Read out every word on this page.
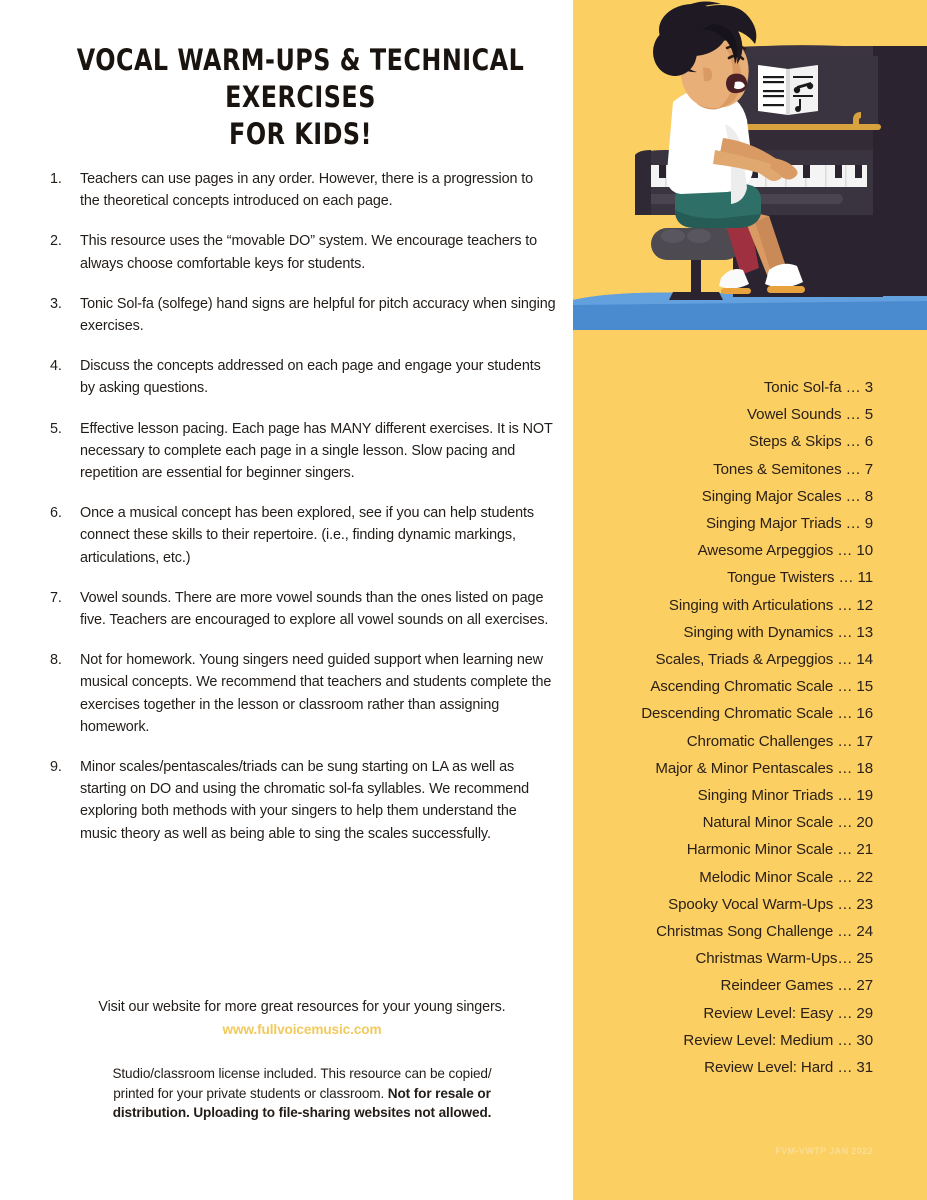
VOCAL WARM-UPS & TECHNICAL EXERCISES
FOR KIDS!
1. Teachers can use pages in any order. However, there is a progression to the theoretical concepts introduced on each page.
2. This resource uses the “movable DO” system. We encourage teachers to always choose comfortable keys for students.
3. Tonic Sol-fa (solfege) hand signs are helpful for pitch accuracy when singing exercises.
4. Discuss the concepts addressed on each page and engage your students by asking questions.
5. Effective lesson pacing. Each page has MANY different exercises. It is NOT necessary to complete each page in a single lesson. Slow pacing and repetition are essential for beginner singers.
6. Once a musical concept has been explored, see if you can help students connect these skills to their repertoire. (i.e., finding dynamic markings, articulations, etc.)
7. Vowel sounds. There are more vowel sounds than the ones listed on page five. Teachers are encouraged to explore all vowel sounds on all exercises.
8. Not for homework. Young singers need guided support when learning new musical concepts. We recommend that teachers and students complete the exercises together in the lesson or classroom rather than assigning homework.
9. Minor scales/pentascales/triads can be sung starting on LA as well as starting on DO and using the chromatic sol-fa syllables. We recommend exploring both methods with your singers to help them understand the music theory as well as being able to sing the scales successfully.
Visit our website for more great resources for your young singers.
www.fullvoicemusic.com
Studio/classroom license included. This resource can be copied/
printed for your private students or classroom. Not for resale or
distribution. Uploading to file-sharing websites not allowed.
Tonic Sol-fa … 3
Vowel Sounds … 5
Steps & Skips … 6
Tones & Semitones … 7
Singing Major Scales … 8
Singing Major Triads … 9
Awesome Arpeggios … 10
Tongue Twisters … 11
Singing with Articulations … 12
Singing with Dynamics … 13
Scales, Triads & Arpeggios … 14
Ascending Chromatic Scale … 15
Descending Chromatic Scale … 16
Chromatic Challenges … 17
Major & Minor Pentascales … 18
Singing Minor Triads … 19
Natural Minor Scale … 20
Harmonic Minor Scale … 21
Melodic Minor Scale … 22
Spooky Vocal Warm-Ups … 23
Christmas Song Challenge … 24
Christmas Warm-Ups… 25
Reindeer Games … 27
Review Level: Easy … 29
Review Level: Medium … 30
Review Level: Hard … 31
FVM-VWTP JAN 2022
